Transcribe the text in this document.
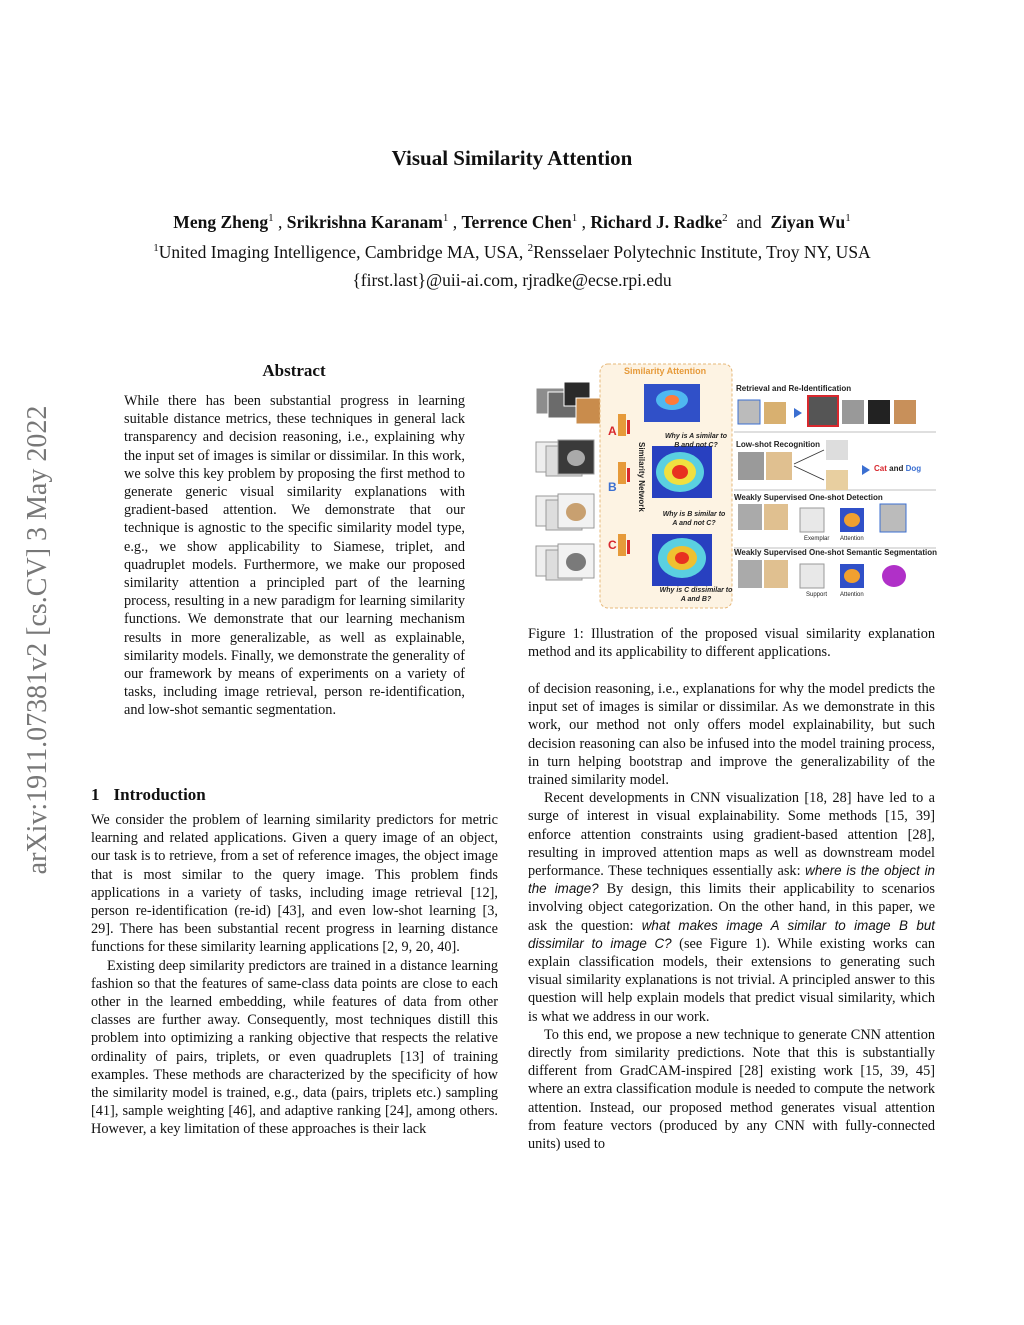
Visual Similarity Attention
Meng Zheng$^1$ , Srikrishna Karanam$^1$ , Terrence Chen$^1$ , Richard J. Radke$^2$ and Ziyan Wu$^1$
$^1$United Imaging Intelligence, Cambridge MA, USA, $^2$Rensselaer Polytechnic Institute, Troy NY, USA
{first.last}@uii-ai.com, rjradke@ecse.rpi.edu
arXiv:1911.07381v2 [cs.CV] 3 May 2022
Abstract
While there has been substantial progress in learning suitable distance metrics, these techniques in general lack transparency and decision reasoning, i.e., explaining why the input set of images is similar or dissimilar. In this work, we solve this key problem by proposing the first method to generate generic visual similarity explanations with gradient-based attention. We demonstrate that our technique is agnostic to the specific similarity model type, e.g., we show applicability to Siamese, triplet, and quadruplet models. Furthermore, we make our proposed similarity attention a principled part of the learning process, resulting in a new paradigm for learning similarity functions. We demonstrate that our learning mechanism results in more generalizable, as well as explainable, similarity models. Finally, we demonstrate the generality of our framework by means of experiments on a variety of tasks, including image retrieval, person re-identification, and low-shot semantic segmentation.
1 Introduction

We consider the problem of learning similarity predictors for metric learning and related applications. Given a query image of an object, our task is to retrieve, from a set of reference images, the object image that is most similar to the query image. This problem finds applications in a variety of tasks, including image retrieval [12], person re-identification (re-id) [43], and even low-shot learning [3, 29]. There has been substantial recent progress in learning distance functions for these similarity learning applications [2, 9, 20, 40].

Existing deep similarity predictors are trained in a distance learning fashion so that the features of same-class data points are close to each other in the learned embedding, while features of data from other classes are further away. Consequently, most techniques distill this problem into optimizing a ranking objective that respects the relative ordinality of pairs, triplets, or even quadruplets [13] of training examples. These methods are characterized by the specificity of how the similarity model is trained, e.g., data (pairs, triplets etc.) sampling [41], sample weighting [46], and adaptive ranking [24], among others. However, a key limitation of these approaches is their lack

Similarity Attention
A
B
C
Similarity Network
Why is A similar to B and not C?
Why is B similar to A and not C?
Why is C dissimilar to A and B?
Retrieval and Re-Identification
Low-shot Recognition
Cat and Dog
Weakly Supervised One-shot Detection
Exemplar Attention
Weakly Supervised One-shot Semantic Segmentation
Support Attention
Figure 1: Illustration of the proposed visual similarity explanation method and its applicability to different applications.

of decision reasoning, i.e., explanations for why the model predicts the input set of images is similar or dissimilar. As we demonstrate in this work, our method not only offers model explainability, but such decision reasoning can also be infused into the model training process, in turn helping bootstrap and improve the generalizability of the trained similarity model.

Recent developments in CNN visualization [18, 28] have led to a surge of interest in visual explainability. Some methods [15, 39] enforce attention constraints using gradient-based attention [28], resulting in improved attention maps as well as downstream model performance. These techniques essentially ask: where is the object in the image? By design, this limits their applicability to scenarios involving object categorization. On the other hand, in this paper, we ask the question: what makes image A similar to image B but dissimilar to image C? (see Figure 1). While existing works can explain classification models, their extensions to generating such visual similarity explanations is not trivial. A principled answer to this question will help explain models that predict visual similarity, which is what we address in our work.

To this end, we propose a new technique to generate CNN attention directly from similarity predictions. Note that this is substantially different from GradCAM-inspired [28] existing work [15, 39, 45] where an extra classification module is needed to compute the network attention. Instead, our proposed method generates visual attention from feature vectors (produced by any CNN with fully-connected units) used to
